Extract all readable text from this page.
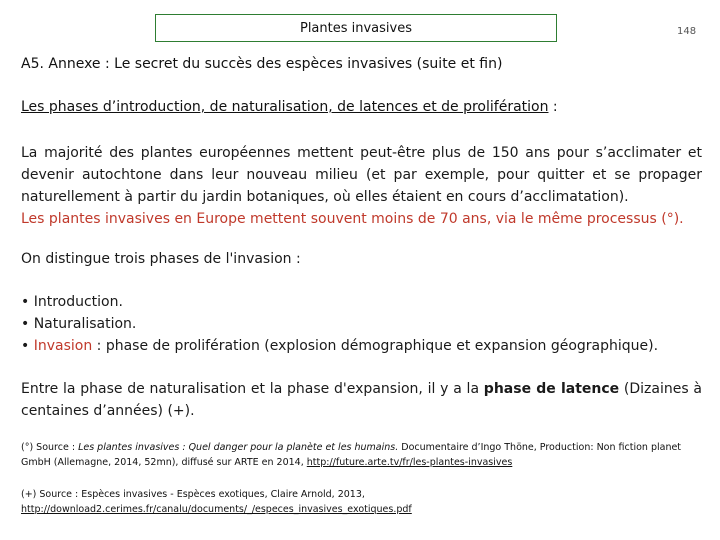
Plantes invasives	148
A5. Annexe : Le secret du succès des espèces invasives (suite et fin)
Les phases d’introduction, de naturalisation, de latences et de prolifération :
La majorité des plantes européennes mettent peut-être plus de 150 ans pour s’acclimater et
devenir autochtone dans leur nouveau milieu (et par exemple, pour quitter et se propager
naturellement à partir du jardin botaniques, où elles étaient en cours d’acclimatation).
Les plantes invasives en Europe mettent souvent moins de 70 ans, via le même processus (°).
On distingue trois phases de l'invasion :
• Introduction.
• Naturalisation.
• Invasion : phase de prolifération (explosion démographique et expansion géographique).
Entre la phase de naturalisation et la phase d'expansion, il y a la phase de latence (Dizaines à
centaines d’années) (+).
(°) Source : Les plantes invasives : Quel danger pour la planète et les humains. Documentaire d’Ingo Thöne, Production: Non fiction planet
GmbH (Allemagne, 2014, 52mn), diffusé sur ARTE en 2014, http://future.arte.tv/fr/les-plantes-invasives
(+) Source : Espèces invasives - Espèces exotiques, Claire Arnold, 2013,
http://download2.cerimes.fr/canalu/documents/_/especes_invasives_exotiques.pdf
